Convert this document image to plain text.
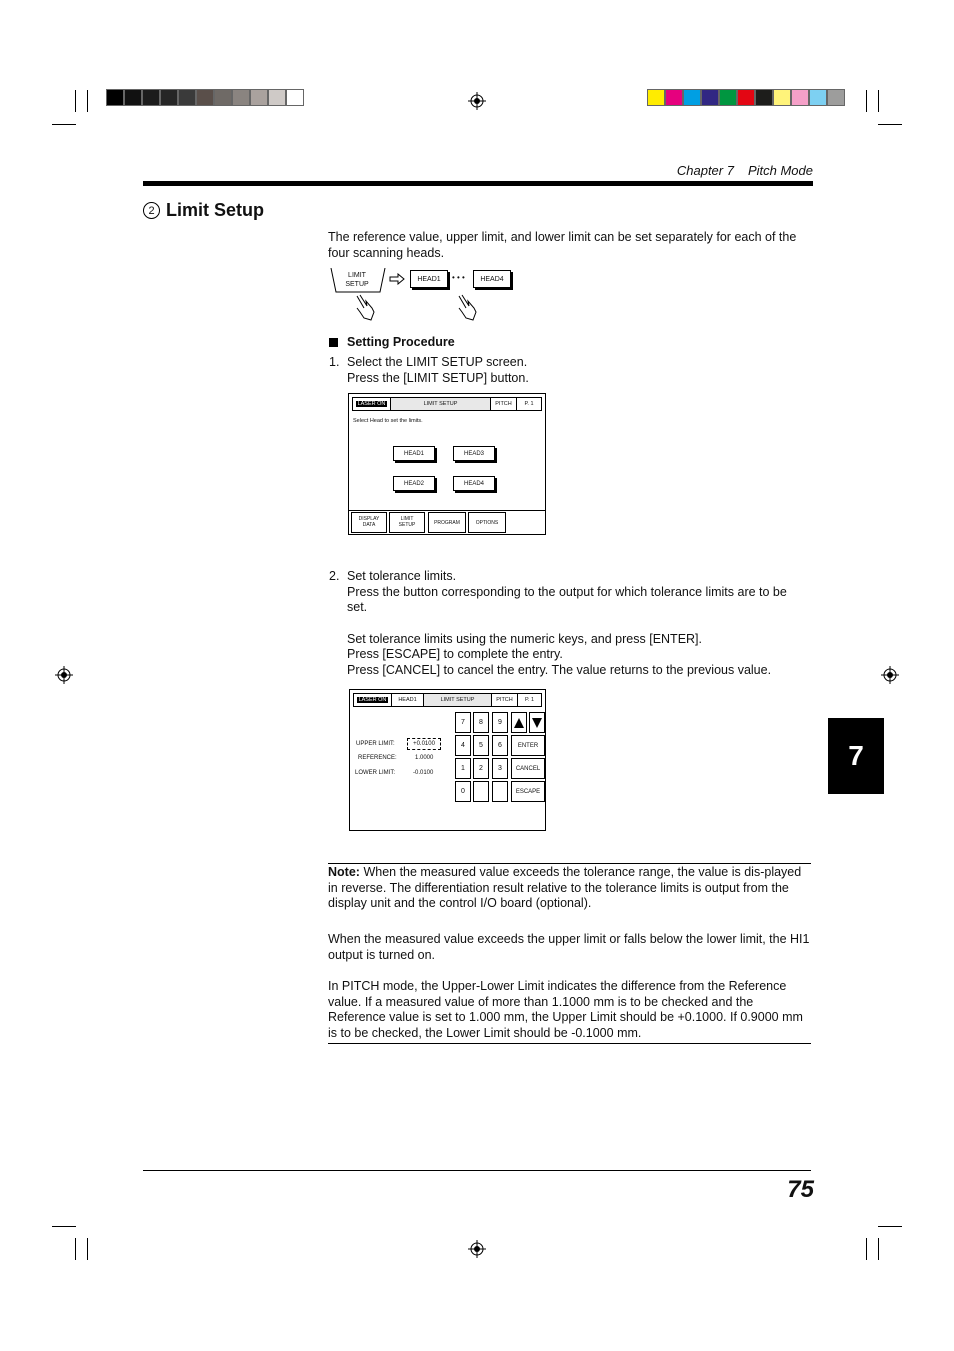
Chapter 7 Pitch Mode
2 Limit Setup
The reference value, upper limit, and lower limit can be set separately for each of the four scanning heads.
LIMIT
SETUP
HEAD1	• • •	HEAD4
Setting Procedure
1. Select the LIMIT SETUP screen.
Press the [LIMIT SETUP] button.
LASER ON	LIMIT SETUP	PITCH	P. 1
Select Head to set the limits.
HEAD1	HEAD3
HEAD2	HEAD4
DISPLAY
DATA
LIMIT
SETUP	PROGRAM	OPTIONS
2. Set tolerance limits.
Press the button corresponding to the output for which tolerance limits are to be set.
Set tolerance limits using the numeric keys, and press [ENTER].
Press [ESCAPE] to complete the entry.
Press [CANCEL] to cancel the entry. The value returns to the previous value.
LASER ON	HEAD1	LIMIT SETUP	PITCH	P. 1
UPPER LIMIT:	+0.0100
REFERENCE:	1.0000
LOWER LIMIT:	-0.0100
7	8	9
4	5	6	ENTER
1	2	3	CANCEL
0	ESCAPE
Note: When the measured value exceeds the tolerance range, the value is dis-played in reverse. The differentiation result relative to the tolerance limits is output from the display unit and the control I/O board (optional).
When the measured value exceeds the upper limit or falls below the lower limit, the HI1 output is turned on.
In PITCH mode, the Upper-Lower Limit indicates the difference from the Reference value. If a measured value of more than 1.1000 mm is to be checked and the Reference value is set to 1.000 mm, the Upper Limit should be +0.1000. If 0.9000 mm is to be checked, the Lower Limit should be -0.1000 mm.
7
75
